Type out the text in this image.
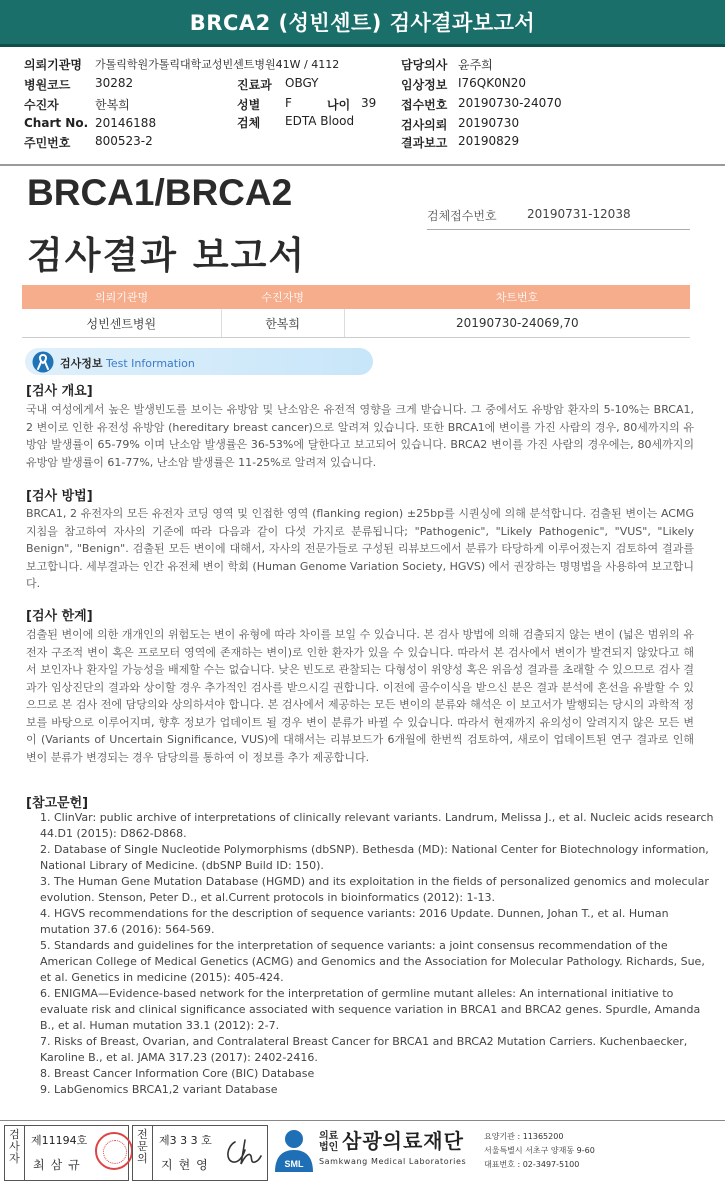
BRCA2 (성빈센트) 검사결과보고서
의뢰기관명 가톨릭학원가톨릭대학교성빈센트병원41W / 4112	담당의사 윤주희
병원코드 30282	진료과 OBGY	임상정보 I76QK0N20
수진자	한복희	성별 F	나이 39 접수번호 20190730-24070
Chart No. 20146188	검체 EDTA Blood	검사의뢰 20190730
주민번호 800523-2	결과보고 20190829
BRCA1/BRCA2
검사결과 보고서
검체접수번호	20190731-12038
의뢰기관명	수진자명	차트번호
성빈센트병원	한복희	20190730-24069,70
검사정보 Test Information
[검사 개요]
국내 여성에게서 높은 발생빈도를 보이는 유방암 및 난소암은 유전적 영향을 크게 받습니다. 그 중에서도 유방암 환자의 5-10%는 BRCA1, 2 변이로 인한 유전성 유방암 (hereditary breast cancer)으로 알려져 있습니다. 또한 BRCA1에 변이를 가진 사람의 경우, 80세까지의 유방암 발생률이 65-79% 이며 난소암 발생률은 36-53%에 달한다고 보고되어 있습니다. BRCA2 변이를 가진 사람의 경우에는, 80세까지의 유방암 발생률이 61-77%, 난소암 발생률은 11-25%로 알려져 있습니다.
[검사 방법]
BRCA1, 2 유전자의 모든 유전자 코딩 영역 및 인접한 영역 (flanking region) ±25bp를 시퀀싱에 의해 분석합니다. 검출된 변이는 ACMG 지침을 참고하여 자사의 기준에 따라 다음과 같이 다섯 가지로 분류됩니다; "Pathogenic", "Likely Pathogenic", "VUS", "Likely Benign", "Benign". 검출된 모든 변이에 대해서, 자사의 전문가들로 구성된 리뷰보드에서 분류가 타당하게 이루어졌는지 검토하여 결과를 보고합니다. 세부결과는 인간 유전체 변이 학회 (Human Genome Variation Society, HGVS) 에서 권장하는 명명법을 사용하여 보고합니다.
[검사 한계]
검출된 변이에 의한 개개인의 위험도는 변이 유형에 따라 차이를 보일 수 있습니다. 본 검사 방법에 의해 검출되지 않는 변이 (넓은 범위의 유전자 구조적 변이 혹은 프로모터 영역에 존재하는 변이)로 인한 환자가 있을 수 있습니다. 따라서 본 검사에서 변이가 발견되지 않았다고 해서 보인자나 환자일 가능성을 배제할 수는 없습니다. 낮은 빈도로 관찰되는 다형성이 위양성 혹은 위음성 결과를 초래할 수 있으므로 검사 결과가 임상진단의 결과와 상이할 경우 추가적인 검사를 받으시길 권합니다. 이전에 골수이식을 받으신 분은 결과 분석에 혼선을 유발할 수 있으므로 본 검사 전에 담당의와 상의하셔야 합니다. 본 검사에서 제공하는 모든 변이의 분류와 해석은 이 보고서가 발행되는 당시의 과학적 정보를 바탕으로 이루어지며, 향후 정보가 업데이트 될 경우 변이 분류가 바뀔 수 있습니다. 따라서 현재까지 유의성이 알려지지 않은 모든 변이 (Variants of Uncertain Significance, VUS)에 대해서는 리뷰보드가 6개월에 한번씩 검토하여, 새로이 업데이트된 연구 결과로 인해 변이 분류가 변경되는 경우 담당의를 통하여 이 정보를 추가 제공합니다.
[참고문헌]
1. ClinVar: public archive of interpretations of clinically relevant variants. Landrum, Melissa J., et al. Nucleic acids research 44.D1 (2015): D862-D868.
2. Database of Single Nucleotide Polymorphisms (dbSNP). Bethesda (MD): National Center for Biotechnology information, National Library of Medicine. (dbSNP Build ID: 150).
3. The Human Gene Mutation Database (HGMD) and its exploitation in the fields of personalized genomics and molecular evolution. Stenson, Peter D., et al.Current protocols in bioinformatics (2012): 1-13.
4. HGVS recommendations for the description of sequence variants: 2016 Update. Dunnen, Johan T., et al. Human mutation 37.6 (2016): 564-569.
5. Standards and guidelines for the interpretation of sequence variants: a joint consensus recommendation of the American College of Medical Genetics (ACMG) and Genomics and the Association for Molecular Pathology. Richards, Sue, et al. Genetics in medicine (2015): 405-424.
6. ENIGMA—Evidence-based network for the interpretation of germline mutant alleles: An international initiative to evaluate risk and clinical significance associated with sequence variation in BRCA1 and BRCA2 genes. Spurdle, Amanda B., et al. Human mutation 33.1 (2012): 2-7.
7. Risks of Breast, Ovarian, and Contralateral Breast Cancer for BRCA1 and BRCA2 Mutation Carriers. Kuchenbaecker, Karoline B., et al. JAMA 317.23 (2017): 2402-2416.
8. Breast Cancer Information Core (BIC) Database
9. LabGenomics BRCA1,2 variant Database
검사자
제11194호
최삼규
전문의
제3 3 3 호
지현영	SML
의료법인 삼광의료재단
Samkwang Medical Laboratories
요양기관 : 11365200
서울특별시 서초구 양재동 9-60
대표번호 : 02-3497-5100
